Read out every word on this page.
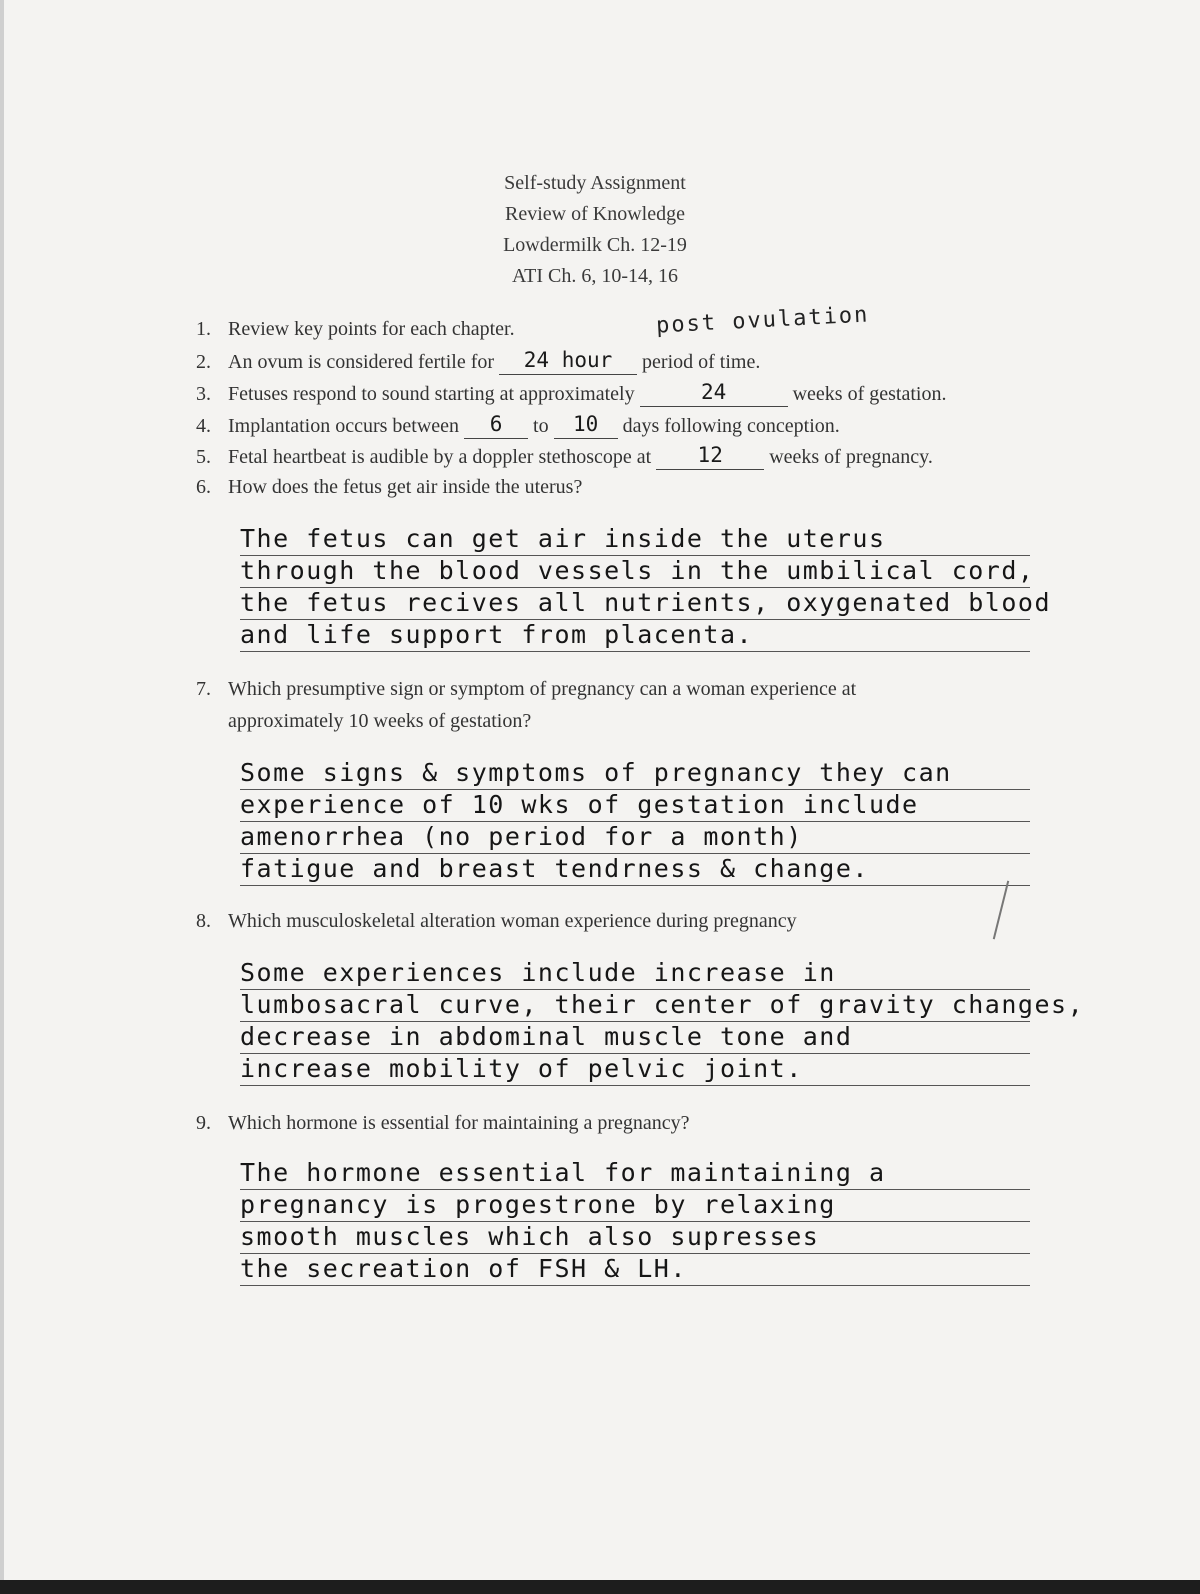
Self-study Assignment
Review of Knowledge
Lowdermilk Ch. 12-19
ATI Ch. 6, 10-14, 16
1. Review key points for each chapter.	post ovulation
2. An ovum is considered fertile for 24 hour period of time.
3. Fetuses respond to sound starting at approximately	24	weeks of gestation.
4. Implantation occurs between 6 to 10 days following conception.
5. Fetal heartbeat is audible by a doppler stethoscope at 12 weeks of pregnancy.
6. How does the fetus get air inside the uterus?
The fetus can get air inside the uterus
through the blood vessels in the umbilical cord,
the fetus recives all nutrients, oxygenated blood
and life support from placenta.
7. Which presumptive sign or symptom of pregnancy can a woman experience at
approximately 10 weeks of gestation?
Some signs & symptoms of pregnancy they can
experience of 10 wks of gestation include
amenorrhea (no period for a month)
fatigue and breast tendrness & change.
8. Which musculoskeletal alteration woman experience during pregnancy
Some experiences include increase in
lumbosacral curve, their center of gravity changes,
decrease in abdominal muscle tone and
increase mobility of pelvic joint.
9. Which hormone is essential for maintaining a pregnancy?
The hormone essential for maintaining a
pregnancy is progestrone by relaxing
smooth muscles which also supresses
the secreation of FSH & LH.
